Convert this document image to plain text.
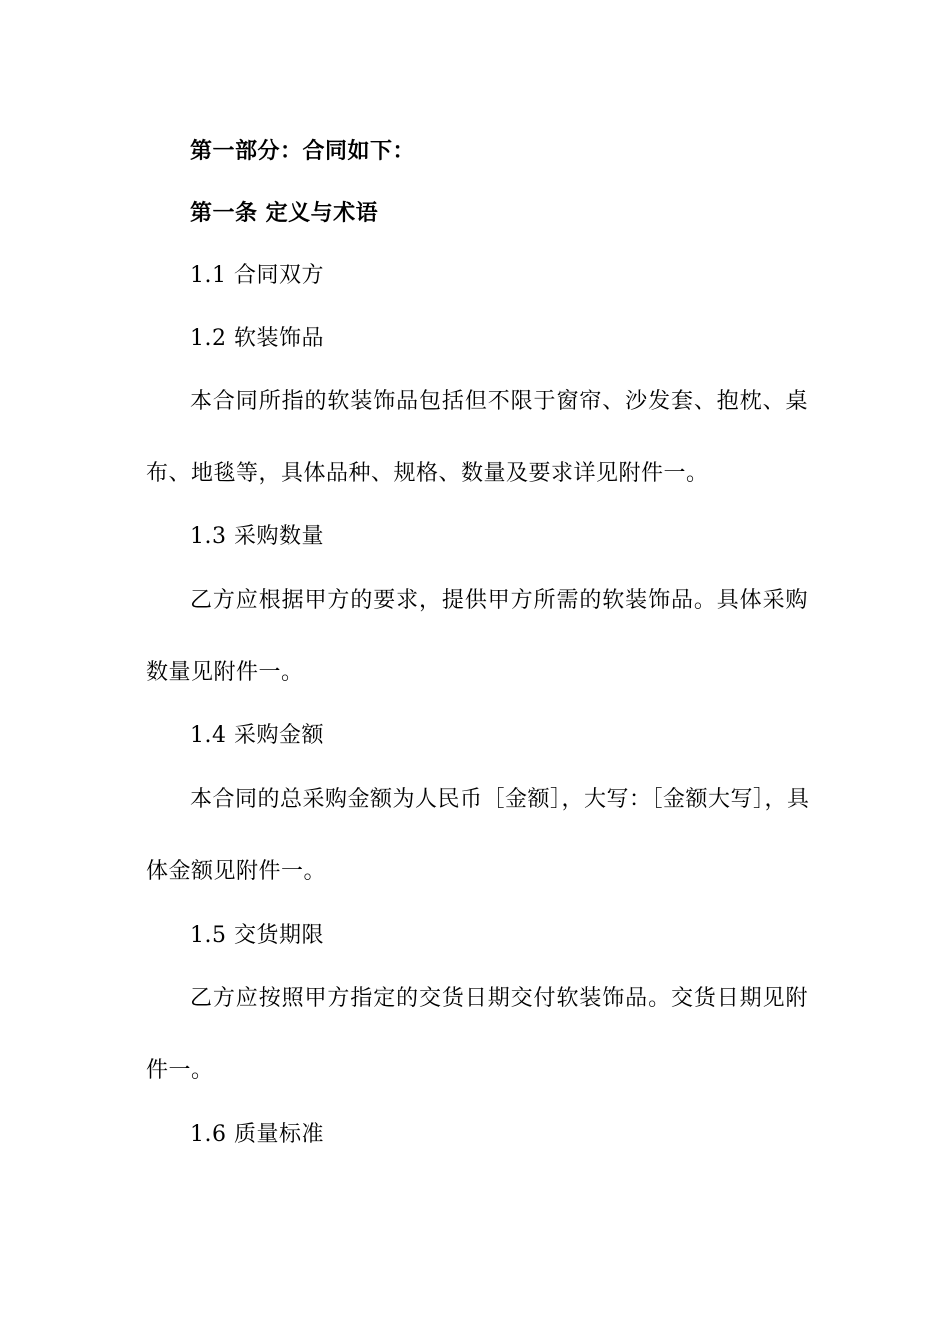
第一部分：合同如下：
第一条 定义与术语
1.1 合同双方
1.2 软装饰品
本合同所指的软装饰品包括但不限于窗帘、沙发套、抱枕、桌
布、地毯等，具体品种、规格、数量及要求详见附件一。
1.3 采购数量
乙方应根据甲方的要求，提供甲方所需的软装饰品。具体采购
数量见附件一。
1.4 采购金额
本合同的总采购金额为人民币［金额］，大写：［金额大写］，具
体金额见附件一。
1.5 交货期限
乙方应按照甲方指定的交货日期交付软装饰品。交货日期见附
件一。
1.6 质量标准
